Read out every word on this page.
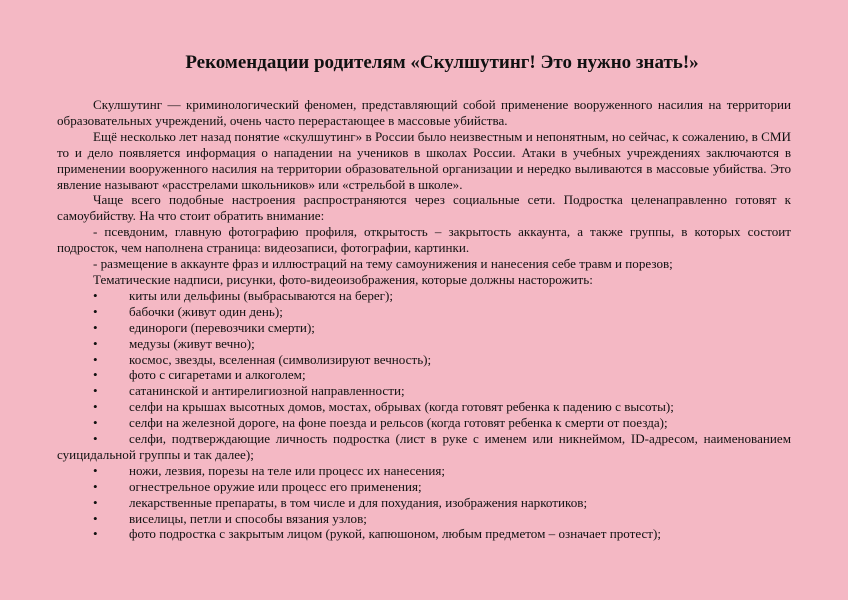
Рекомендации родителям «Скулшутинг! Это нужно знать!»

Скулшутинг — криминологический феномен, представляющий собой применение вооруженного насилия на территории образовательных учреждений, очень часто перерастающее в массовые убийства.

Ещё несколько лет назад понятие «скулшутинг» в России было неизвестным и непонятным, но сейчас, к сожалению, в СМИ то и дело появляется информация о нападении на учеников в школах России. Атаки в учебных учреждениях заключаются в применении вооруженного насилия на территории образовательной организации и нередко выливаются в массовые убийства. Это явление называют «расстрелами школьников» или «стрельбой в школе».

Чаще всего подобные настроения распространяются через социальные сети. Подростка целенаправленно готовят к самоубийству. На что стоит обратить внимание:

- псевдоним, главную фотографию профиля, открытость – закрытость аккаунта, а также группы, в которых состоит подросток, чем наполнена страница: видеозаписи, фотографии, картинки.

- размещение в аккаунте фраз и иллюстраций на тему самоунижения и нанесения себе травм и порезов;

Тематические надписи, рисунки, фото-видеоизображения, которые должны насторожить:

• киты или дельфины (выбрасываются на берег);
• бабочки (живут один день);
• единороги (перевозчики смерти);
• медузы (живут вечно);
• космос, звезды, вселенная (символизируют вечность);
• фото с сигаретами и алкоголем;
• сатанинской и антирелигиозной направленности;
• селфи на крышах высотных домов, мостах, обрывах (когда готовят ребенка к падению с высоты);
• селфи на железной дороге, на фоне поезда и рельсов (когда готовят ребенка к смерти от поезда);
• селфи, подтверждающие личность подростка (лист в руке с именем или никнеймом, ID-адресом, наименованием суицидальной группы и так далее);
• ножи, лезвия, порезы на теле или процесс их нанесения;
• огнестрельное оружие или процесс его применения;
• лекарственные препараты, в том числе и для похудания, изображения наркотиков;
• виселицы, петли и способы вязания узлов;
• фото подростка с закрытым лицом (рукой, капюшоном, любым предметом – означает протест);
